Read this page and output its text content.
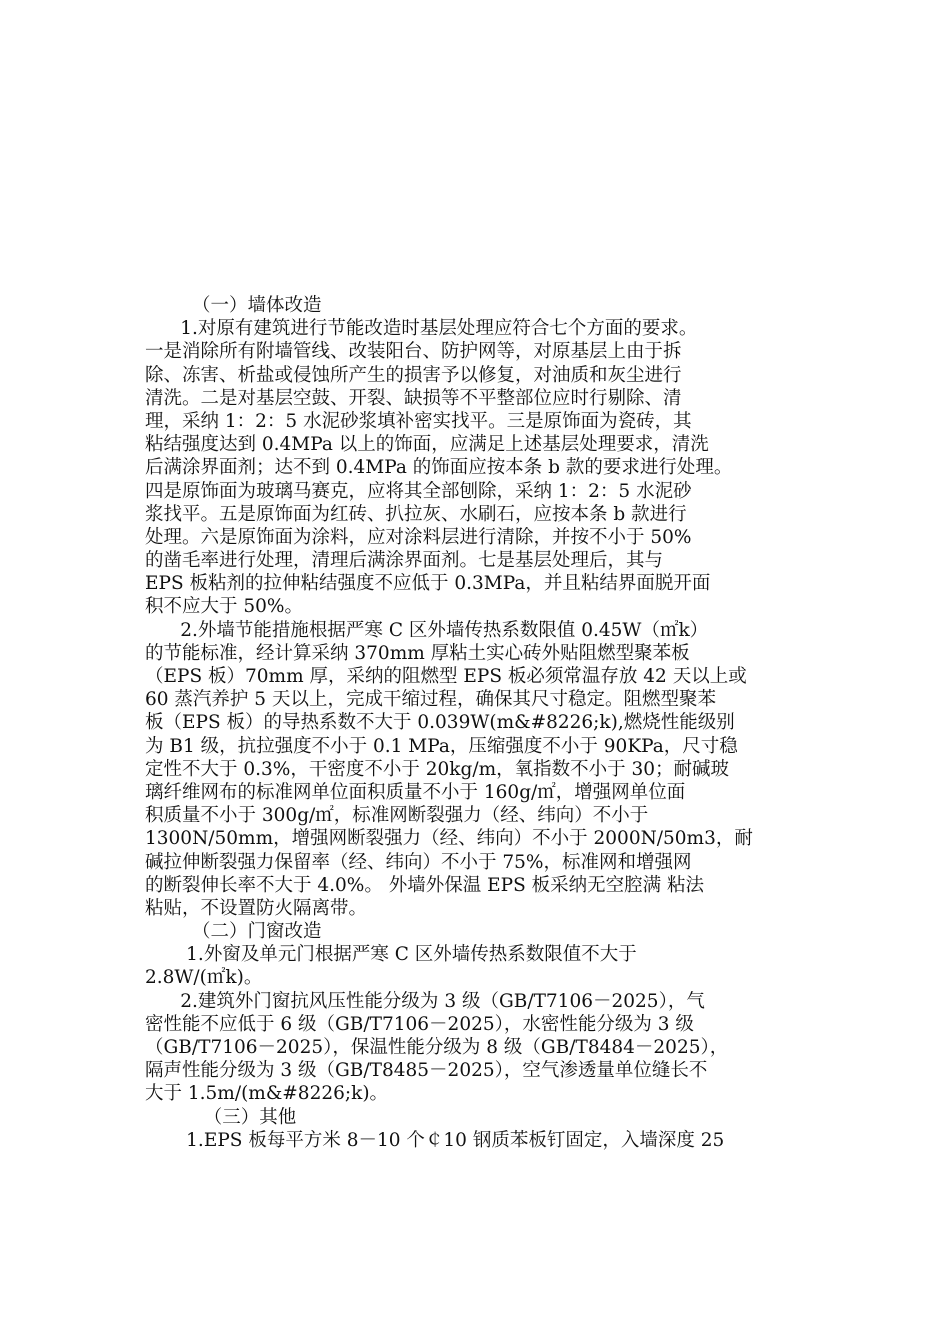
（一）墙体改造
1.对原有建筑进行节能改造时基层处理应符合七个方面的要求。
一是消除所有附墙管线、改装阳台、防护网等，对原基层上由于拆
除、冻害、析盐或侵蚀所产生的损害予以修复，对油质和灰尘进行
清洗。二是对基层空鼓、开裂、缺损等不平整部位应时行剔除、清
理，采纳 1：2：5 水泥砂浆填补密实找平。三是原饰面为瓷砖，其
粘结强度达到 0.4MPa 以上的饰面，应满足上述基层处理要求，清洗
后满涂界面剂；达不到 0.4MPa 的饰面应按本条 b 款的要求进行处理。
四是原饰面为玻璃马赛克，应将其全部刨除，采纳 1：2：5 水泥砂
浆找平。五是原饰面为红砖、扒拉灰、水刷石，应按本条 b 款进行
处理。六是原饰面为涂料，应对涂料层进行清除，并按不小于 50%
的凿毛率进行处理，清理后满涂界面剂。七是基层处理后，其与
EPS 板粘剂的拉伸粘结强度不应低于 0.3MPa，并且粘结界面脱开面
积不应大于 50%。
2.外墙节能措施根据严寒 C 区外墙传热系数限值 0.45W（㎡k）
的节能标准，经计算采纳 370mm 厚粘土实心砖外贴阻燃型聚苯板
（EPS 板）70mm 厚，采纳的阻燃型 EPS 板必须常温存放 42 天以上或
60 蒸汽养护 5 天以上，完成干缩过程，确保其尺寸稳定。阻燃型聚苯
板（EPS 板）的导热系数不大于 0.039W(m&#8226;k),燃烧性能级别
为 B1 级，抗拉强度不小于 0.1 MPa，压缩强度不小于 90KPa，尺寸稳
定性不大于 0.3%，干密度不小于 20kg/m，氧指数不小于 30；耐碱玻
璃纤维网布的标准网单位面积质量不小于 160g/㎡，增强网单位面
积质量不小于 300g/㎡，标准网断裂强力（经、纬向）不小于
1300N/50mm，增强网断裂强力（经、纬向）不小于 2000N/50m3，耐
碱拉伸断裂强力保留率（经、纬向）不小于 75%，标准网和增强网
的断裂伸长率不大于 4.0%。 外墙外保温 EPS 板采纳无空腔满 粘法
粘贴，不设置防火隔离带。
（二）门窗改造
1.外窗及单元门根据严寒 C 区外墙传热系数限值不大于
2.8W/(㎡k)。
2.建筑外门窗抗风压性能分级为 3 级（GB/T7106－2025），气
密性能不应低于 6 级（GB/T7106－2025），水密性能分级为 3 级
（GB/T7106－2025），保温性能分级为 8 级（GB/T8484－2025），
隔声性能分级为 3 级（GB/T8485－2025），空气渗透量单位缝长不
大于 1.5m/(m&#8226;k)。
（三）其他
1.EPS 板每平方米 8－10 个￠10 钢质苯板钉固定，入墙深度 25
